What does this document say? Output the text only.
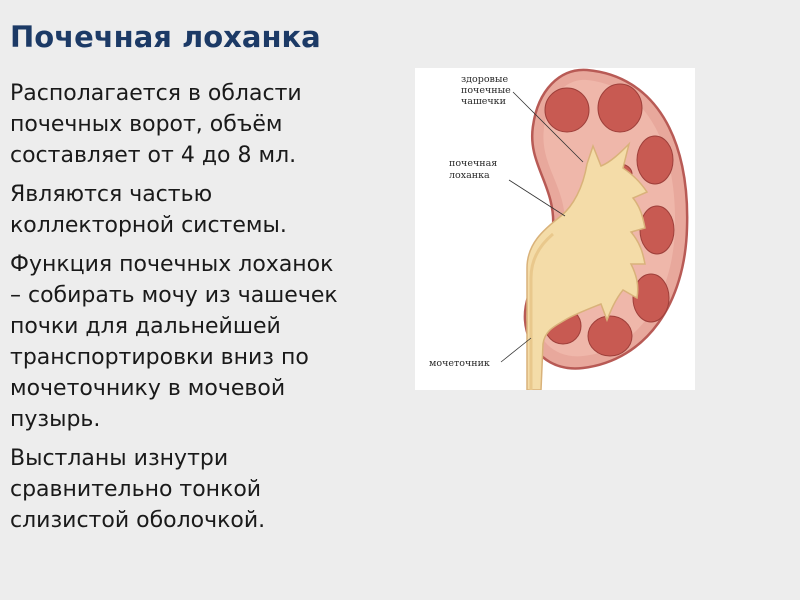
Почечная лоханка

Располагается в области
почечных ворот, объём
составляет от 4 до 8 мл.

Являются частью
коллекторной системы.

Функция почечных лоханок
– собирать мочу из чашечек
почки для дальнейшей
транспортировки вниз по
мочеточнику в мочевой
пузырь.

Выстланы изнутри
сравнительно тонкой
слизистой оболочкой.

здоровые
почечные
чашечки
почечная
лоханка
мочеточник
